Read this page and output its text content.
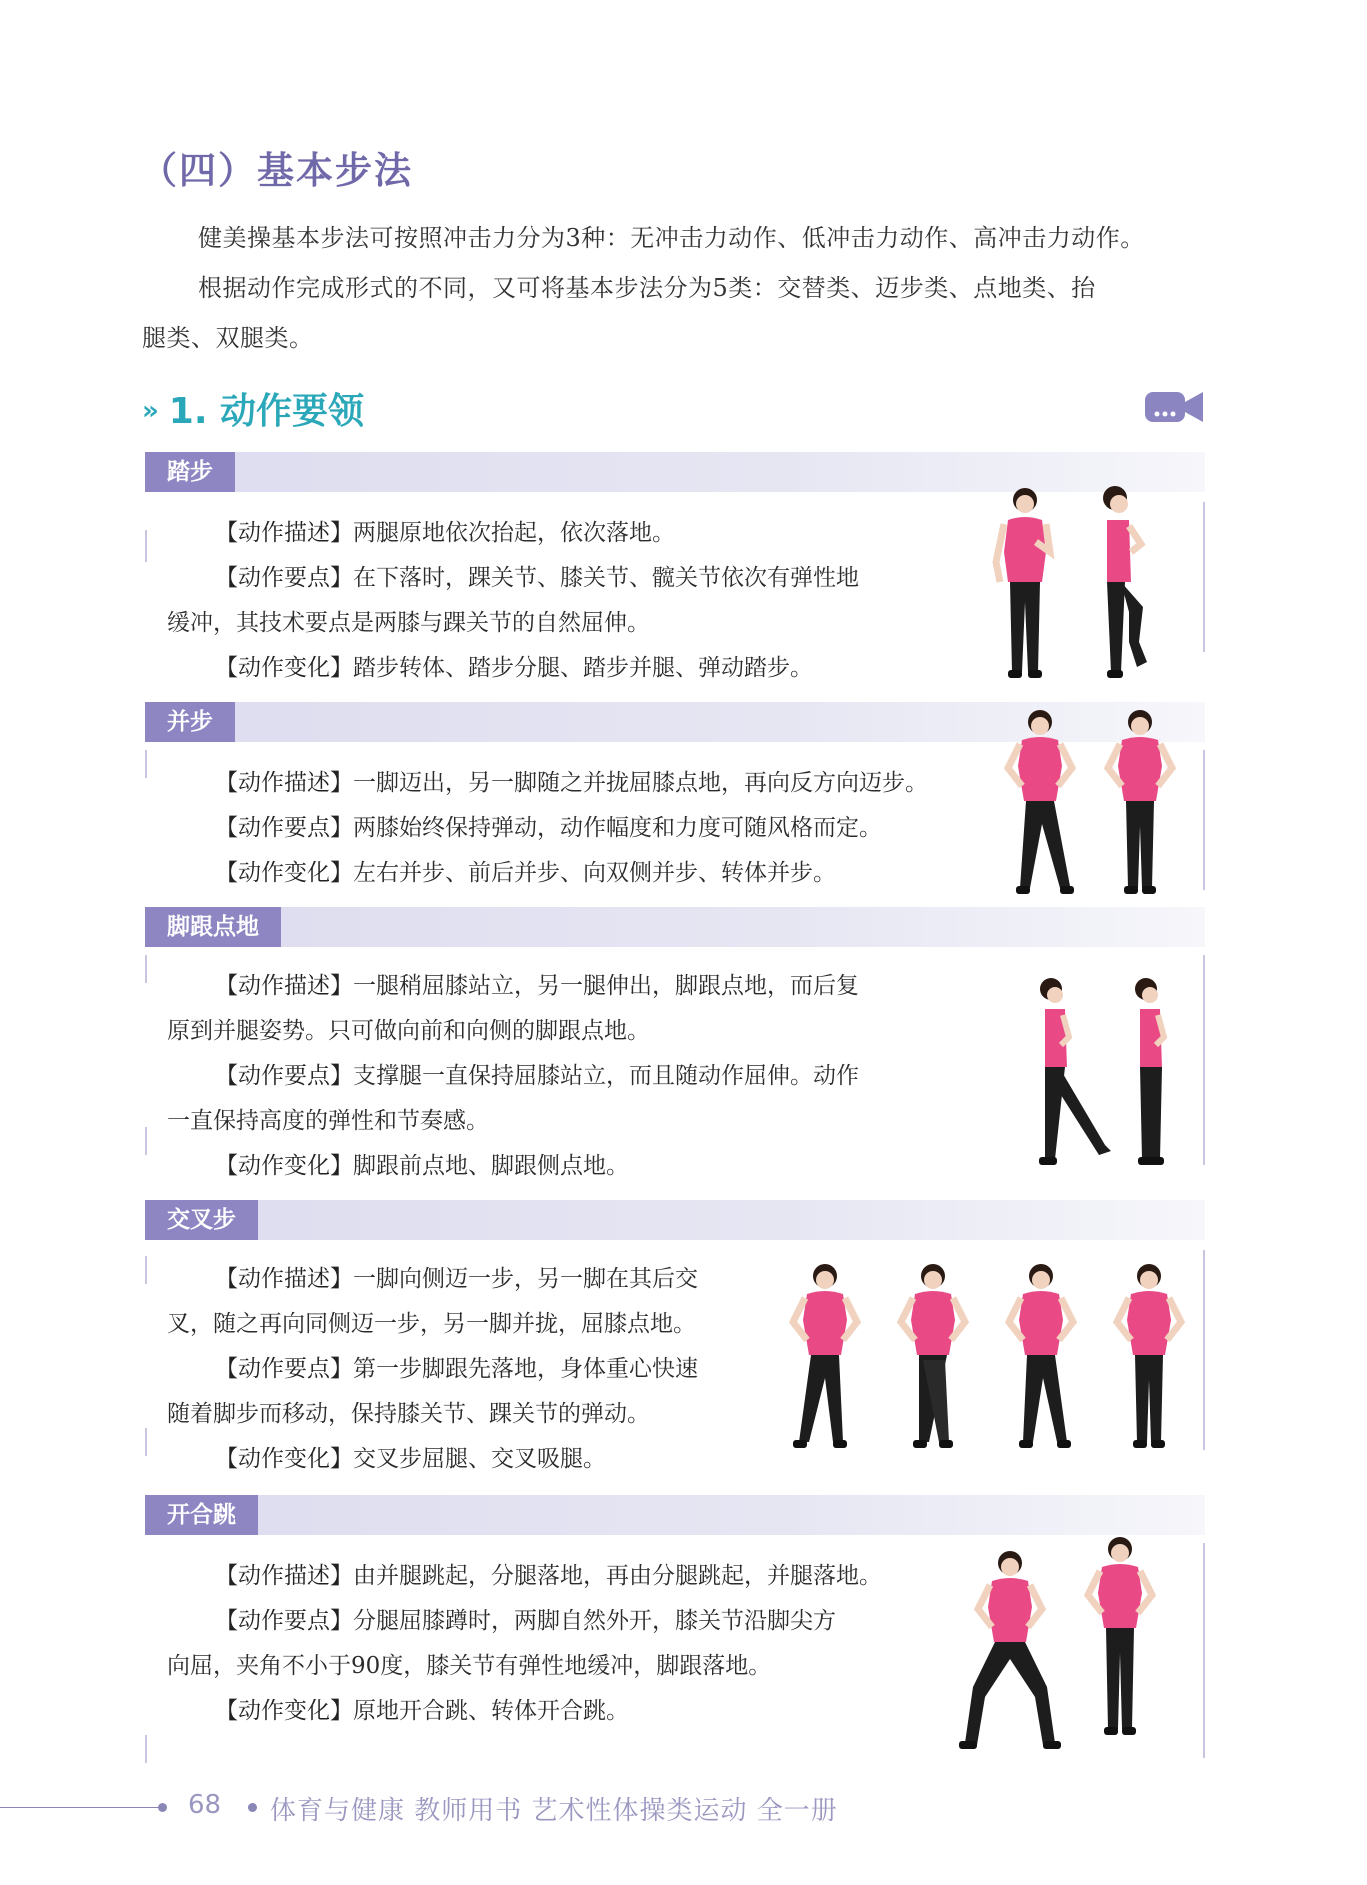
（四）基本步法

健美操基本步法可按照冲击力分为3种：无冲击力动作、低冲击力动作、高冲击力动作。

根据动作完成形式的不同，又可将基本步法分为5类：交替类、迈步类、点地类、抬

腿类、双腿类。

» 1. 动作要领
踏步

【动作描述】两腿原地依次抬起，依次落地。

【动作要点】在下落时，踝关节、膝关节、髋关节依次有弹性地

缓冲，其技术要点是两膝与踝关节的自然屈伸。

【动作变化】踏步转体、踏步分腿、踏步并腿、弹动踏步。

并步

【动作描述】一脚迈出，另一脚随之并拢屈膝点地，再向反方向迈步。

【动作要点】两膝始终保持弹动，动作幅度和力度可随风格而定。

【动作变化】左右并步、前后并步、向双侧并步、转体并步。

脚跟点地

【动作描述】一腿稍屈膝站立，另一腿伸出，脚跟点地，而后复

原到并腿姿势。只可做向前和向侧的脚跟点地。

【动作要点】支撑腿一直保持屈膝站立，而且随动作屈伸。动作

一直保持高度的弹性和节奏感。

【动作变化】脚跟前点地、脚跟侧点地。

交叉步

【动作描述】一脚向侧迈一步，另一脚在其后交

叉，随之再向同侧迈一步，另一脚并拢，屈膝点地。

【动作要点】第一步脚跟先落地，身体重心快速

随着脚步而移动，保持膝关节、踝关节的弹动。

【动作变化】交叉步屈腿、交叉吸腿。

开合跳

【动作描述】由并腿跳起，分腿落地，再由分腿跳起，并腿落地。

【动作要点】分腿屈膝蹲时，两脚自然外开，膝关节沿脚尖方

向屈，夹角不小于90度，膝关节有弹性地缓冲，脚跟落地。

【动作变化】原地开合跳、转体开合跳。

68 体育与健康 教师用书 艺术性体操类运动 全一册
